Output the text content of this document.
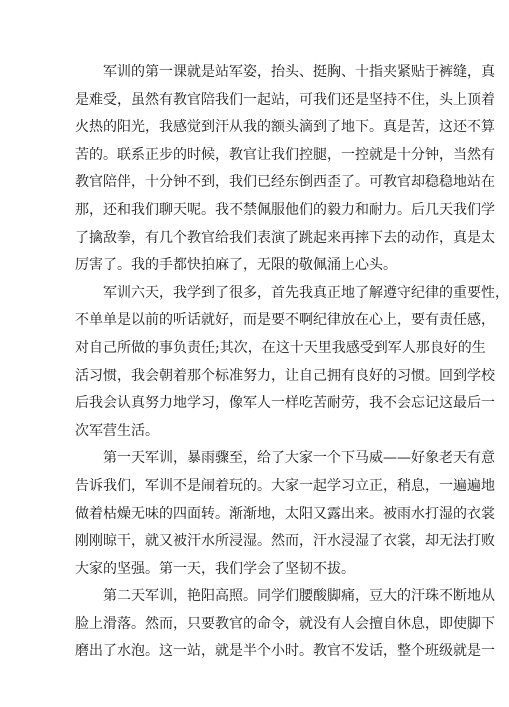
军训的第一课就是站军姿，抬头、挺胸、十指夹紧贴于裤缝，真
是难受，虽然有教官陪我们一起站，可我们还是坚持不住，头上顶着
火热的阳光，我感觉到汗从我的额头滴到了地下。真是苦，这还不算
苦的。联系正步的时候，教官让我们控腿，一控就是十分钟，当然有
教官陪伴，十分钟不到，我们已经东倒西歪了。可教官却稳稳地站在
那，还和我们聊天呢。我不禁佩服他们的毅力和耐力。后几天我们学
了擒敌拳，有几个教官给我们表演了跳起来再摔下去的动作，真是太
厉害了。我的手都快拍麻了，无限的敬佩涌上心头。
军训六天，我学到了很多，首先我真正地了解遵守纪律的重要性，
不单单是以前的听话就好，而是要不啊纪律放在心上，要有责任感，
对自己所做的事负责任;其次，在这十天里我感受到军人那良好的生
活习惯，我会朝着那个标准努力，让自己拥有良好的习惯。回到学校
后我会认真努力地学习，像军人一样吃苦耐劳，我不会忘记这最后一
次军营生活。
第一天军训，暴雨骤至，给了大家一个下马威——好象老天有意
告诉我们，军训不是闹着玩的。大家一起学习立正，稍息，一遍遍地
做着枯燥无味的四面转。渐渐地，太阳又露出来。被雨水打湿的衣裳
刚刚晾干，就又被汗水所浸湿。然而，汗水浸湿了衣裳，却无法打败
大家的坚强。第一天，我们学会了坚韧不拔。
第二天军训，艳阳高照。同学们腰酸脚痛，豆大的汗珠不断地从
脸上滑落。然而，只要教官的命令，就没有人会擅自休息，即使脚下
磨出了水泡。这一站，就是半个小时。教官不发话，整个班级就是一
